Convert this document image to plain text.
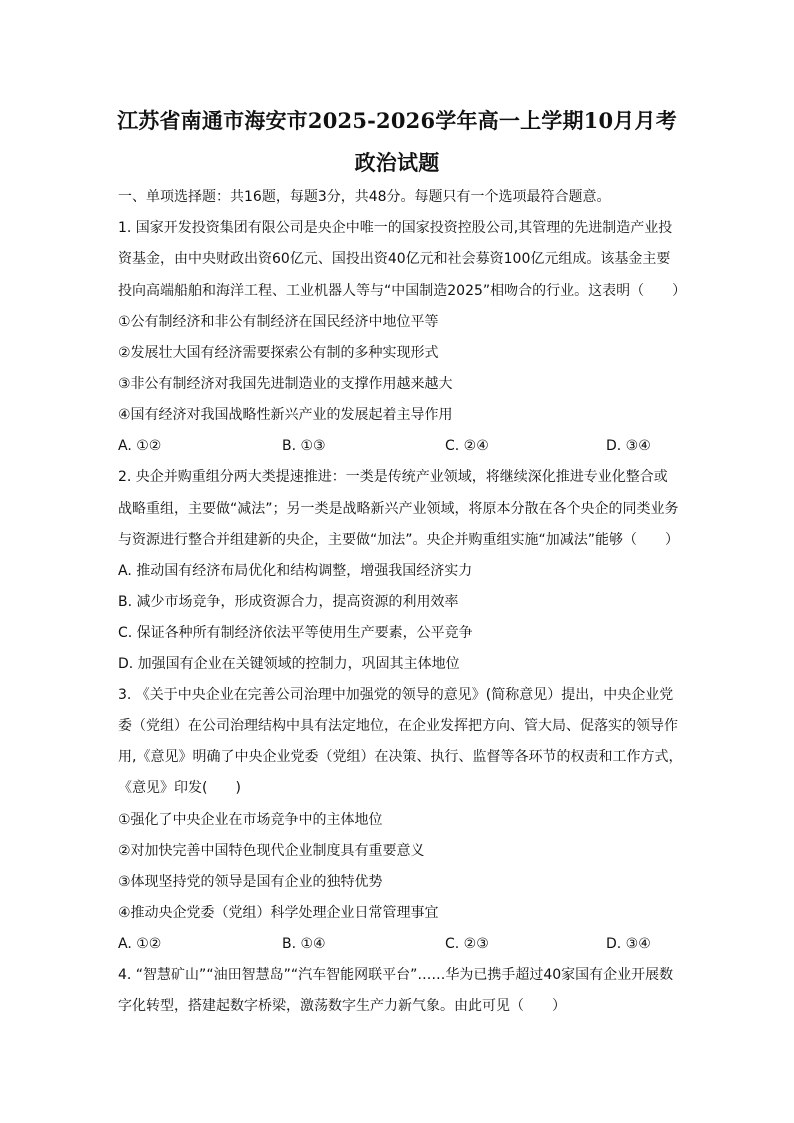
江苏省南通市海安市2025-2026学年高一上学期10月月考
政治试题
一、单项选择题：共16题，每题3分，共48分。每题只有一个选项最符合题意。
1. 国家开发投资集团有限公司是央企中唯一的国家投资控股公司,其管理的先进制造产业投
资基金，由中央财政出资60亿元、国投出资40亿元和社会募资100亿元组成。该基金主要
投向高端船舶和海洋工程、工业机器人等与“中国制造2025”相吻合的行业。这表明（　　）
①公有制经济和非公有制经济在国民经济中地位平等
②发展壮大国有经济需要探索公有制的多种实现形式
③非公有制经济对我国先进制造业的支撑作用越来越大
④国有经济对我国战略性新兴产业的发展起着主导作用
A. ①②	B. ①③	C. ②④	D. ③④
2. 央企并购重组分两大类提速推进：一类是传统产业领域，将继续深化推进专业化整合或
战略重组，主要做“减法”；另一类是战略新兴产业领域，将原本分散在各个央企的同类业务
与资源进行整合并组建新的央企，主要做“加法”。央企并购重组实施“加减法”能够（　　）
A. 推动国有经济布局优化和结构调整，增强我国经济实力
B. 减少市场竞争，形成资源合力，提高资源的利用效率
C. 保证各种所有制经济依法平等使用生产要素，公平竞争
D. 加强国有企业在关键领域的控制力，巩固其主体地位
3. 《关于中央企业在完善公司治理中加强党的领导的意见》(简称意见）提出，中央企业党
委（党组）在公司治理结构中具有法定地位，在企业发挥把方向、管大局、促落实的领导作
用,《意见》明确了中央企业党委（党组）在决策、执行、监督等各环节的权责和工作方式，
《意见》印发(　　)
①强化了中央企业在市场竞争中的主体地位
②对加快完善中国特色现代企业制度具有重要意义
③体现坚持党的领导是国有企业的独特优势
④推动央企党委（党组）科学处理企业日常管理事宜
A. ①②	B. ①④	C. ②③	D. ③④
4. “智慧矿山”“油田智慧岛”“汽车智能网联平台”……华为已携手超过40家国有企业开展数
字化转型，搭建起数字桥梁，激荡数字生产力新气象。由此可见（　　）
